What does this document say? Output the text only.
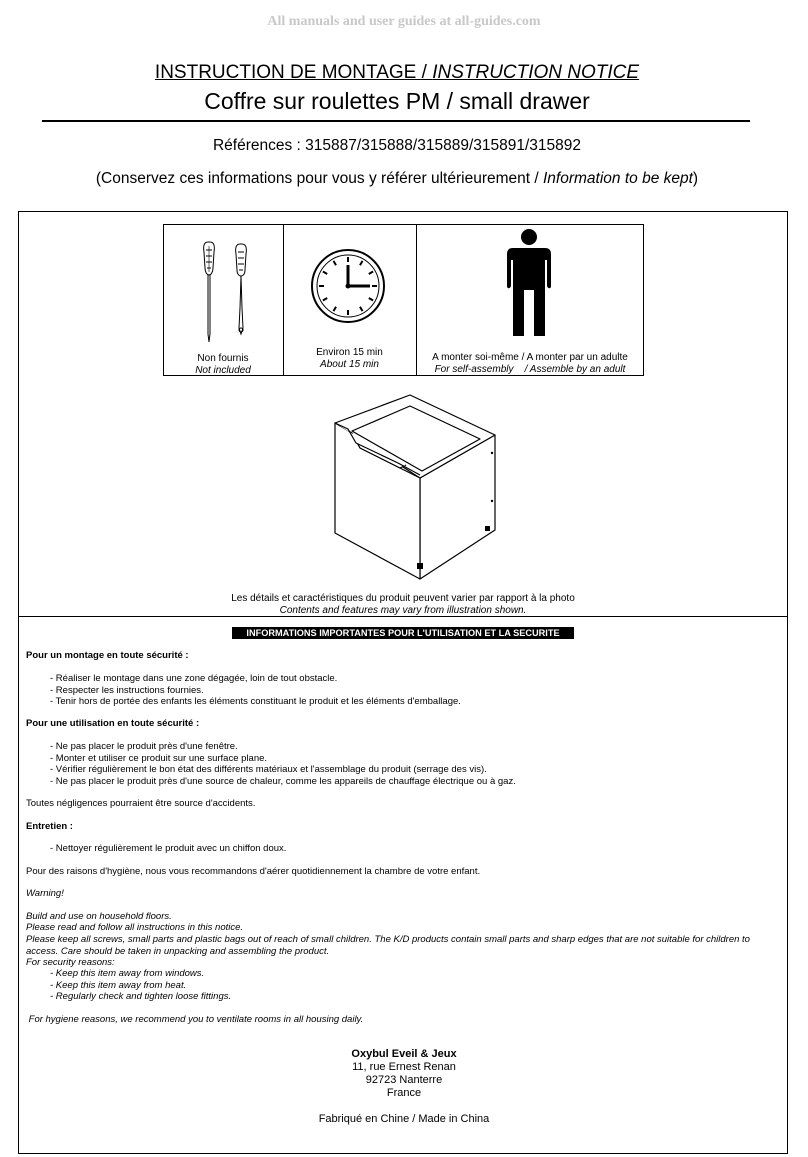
All manuals and user guides at all-guides.com
INSTRUCTION DE MONTAGE / INSTRUCTION NOTICE
Coffre sur roulettes PM / small drawer
Références : 315887/315888/315889/315891/315892
(Conservez ces informations pour vous y référer ultérieurement / Information to be kept)
Non fournis
Not included
Environ 15 min
About 15 min
A monter soi-même / A monter par un adulte
For self-assembly    / Assemble by an adult
Les détails et caractéristiques du produit peuvent varier par rapport à la photo
Contents and features may vary from illustration shown.
INFORMATIONS IMPORTANTES POUR L'UTILISATION ET LA SECURITE
Pour un montage en toute sécurité :
- Réaliser le montage dans une zone dégagée, loin de tout obstacle.
- Respecter les instructions fournies.
- Tenir hors de portée des enfants les éléments constituant le produit et les éléments d'emballage.
Pour une utilisation en toute sécurité :
- Ne pas placer le produit près d'une fenêtre.
- Monter et utiliser ce produit sur une surface plane.
- Vérifier régulièrement le bon état des différents matériaux et l'assemblage du produit (serrage des vis).
- Ne pas placer le produit près d'une source de chaleur, comme les appareils de chauffage électrique ou à gaz.
Toutes négligences pourraient être source d'accidents.
Entretien :
- Nettoyer régulièrement le produit avec un chiffon doux.
Pour des raisons d'hygiène, nous vous recommandons d'aérer quotidiennement la chambre de votre enfant.
Warning!
Build and use on household floors.
Please read and follow all instructions in this notice.
Please keep all screws, small parts and plastic bags out of reach of small children. The K/D products contain small parts and sharp edges that are not suitable for children to access. Care should be taken in unpacking and assembling the product.
For security reasons:
- Keep this item away from windows.
- Keep this item away from heat.
- Regularly check and tighten loose fittings.
For hygiene reasons, we recommend you to ventilate rooms in all housing daily.
Oxybul Eveil & Jeux
11, rue Ernest Renan
92723 Nanterre
France
Fabriqué en Chine / Made in China
